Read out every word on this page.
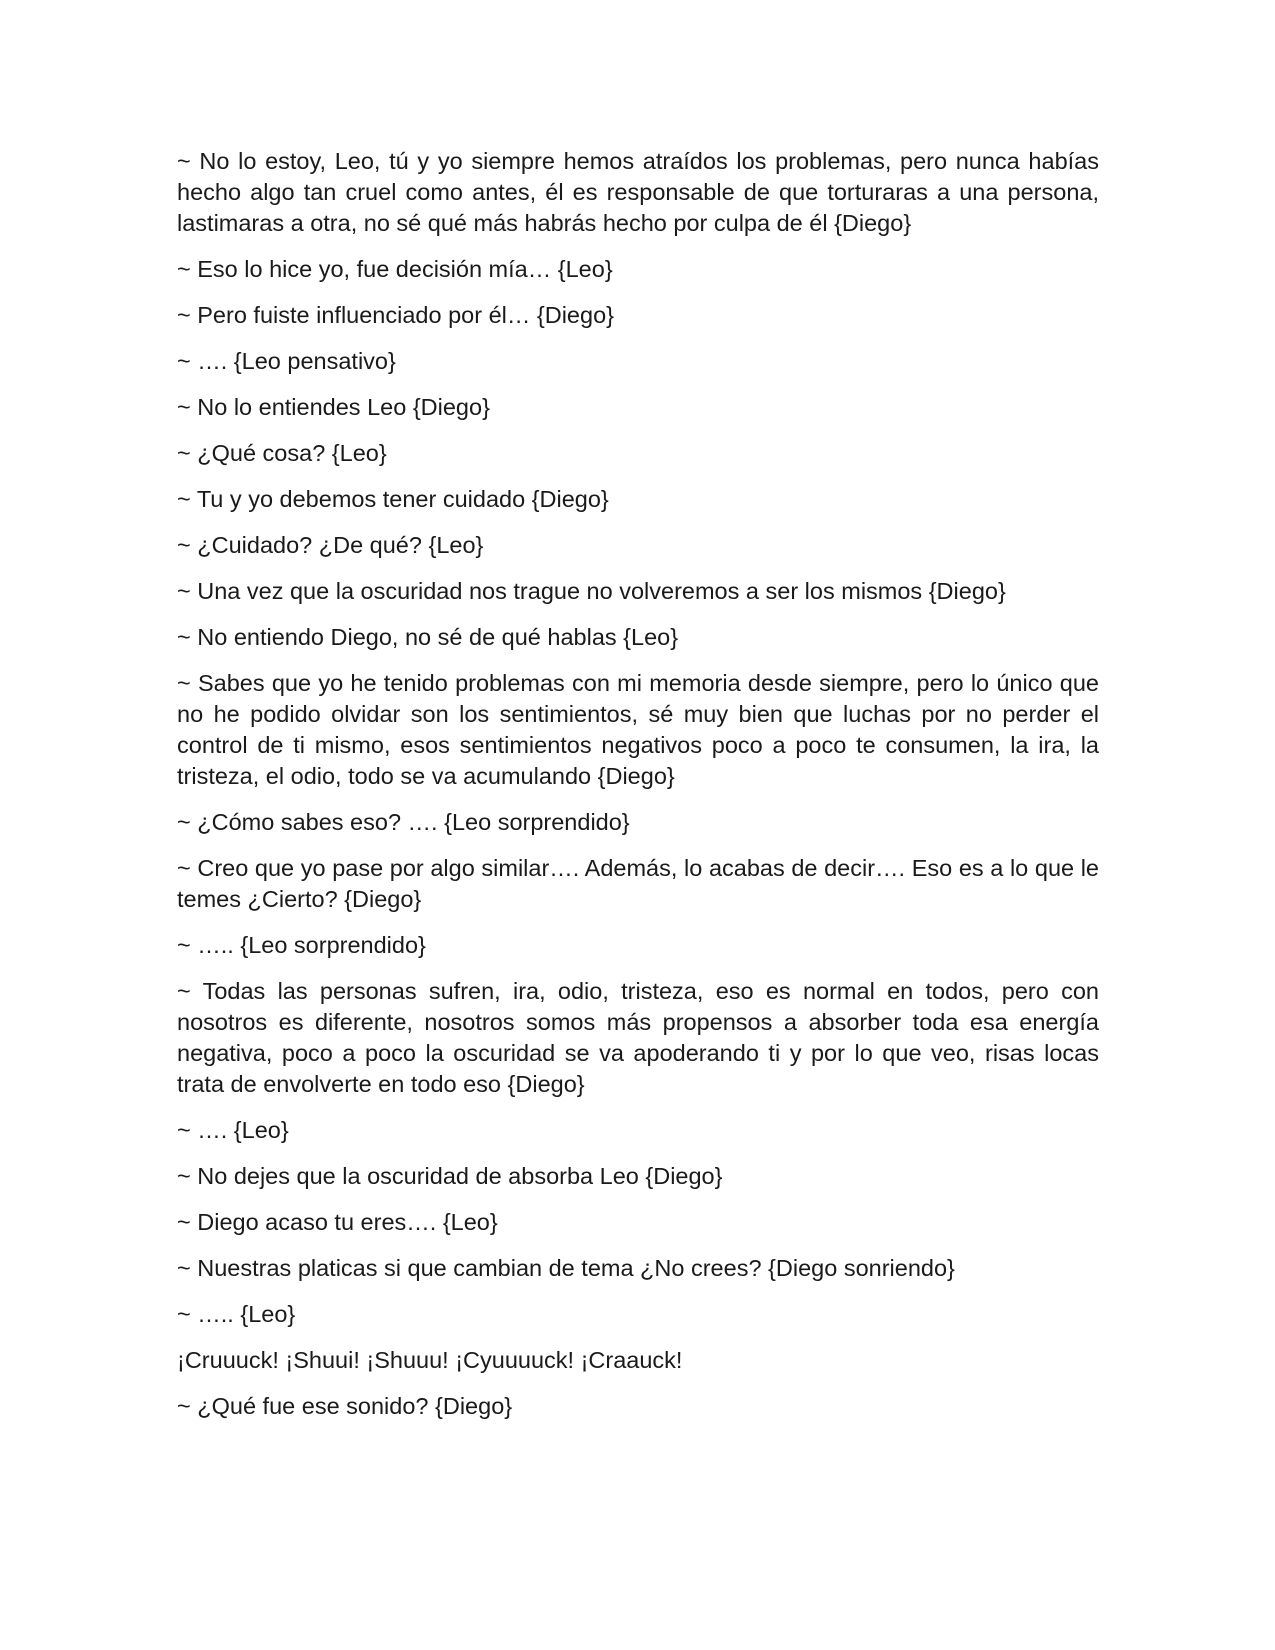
~ No lo estoy, Leo, tú y yo siempre hemos atraídos los problemas, pero nunca habías hecho algo tan cruel como antes, él es responsable de que torturaras a una persona, lastimaras a otra, no sé qué más habrás hecho por culpa de él {Diego}

~ Eso lo hice yo, fue decisión mía… {Leo}

~ Pero fuiste influenciado por él… {Diego}

~ …. {Leo pensativo}

~ No lo entiendes Leo {Diego}

~ ¿Qué cosa? {Leo}

~ Tu y yo debemos tener cuidado {Diego}

~ ¿Cuidado? ¿De qué? {Leo}

~ Una vez que la oscuridad nos trague no volveremos a ser los mismos {Diego}

~ No entiendo Diego, no sé de qué hablas {Leo}

~ Sabes que yo he tenido problemas con mi memoria desde siempre, pero lo único que no he podido olvidar son los sentimientos, sé muy bien que luchas por no perder el control de ti mismo, esos sentimientos negativos poco a poco te consumen, la ira, la tristeza, el odio, todo se va acumulando {Diego}

~ ¿Cómo sabes eso? …. {Leo sorprendido}

~ Creo que yo pase por algo similar…. Además, lo acabas de decir…. Eso es a lo que le temes ¿Cierto? {Diego}

~ ….. {Leo sorprendido}

~ Todas las personas sufren, ira, odio, tristeza, eso es normal en todos, pero con nosotros es diferente, nosotros somos más propensos a absorber toda esa energía negativa, poco a poco la oscuridad se va apoderando ti y por lo que veo, risas locas trata de envolverte en todo eso {Diego}

~ …. {Leo}

~ No dejes que la oscuridad de absorba Leo {Diego}

~ Diego acaso tu eres…. {Leo}

~ Nuestras platicas si que cambian de tema ¿No crees? {Diego sonriendo}

~ ….. {Leo}

¡Cruuuck! ¡Shuui! ¡Shuuu! ¡Cyuuuuck! ¡Craauck!

~ ¿Qué fue ese sonido? {Diego}
